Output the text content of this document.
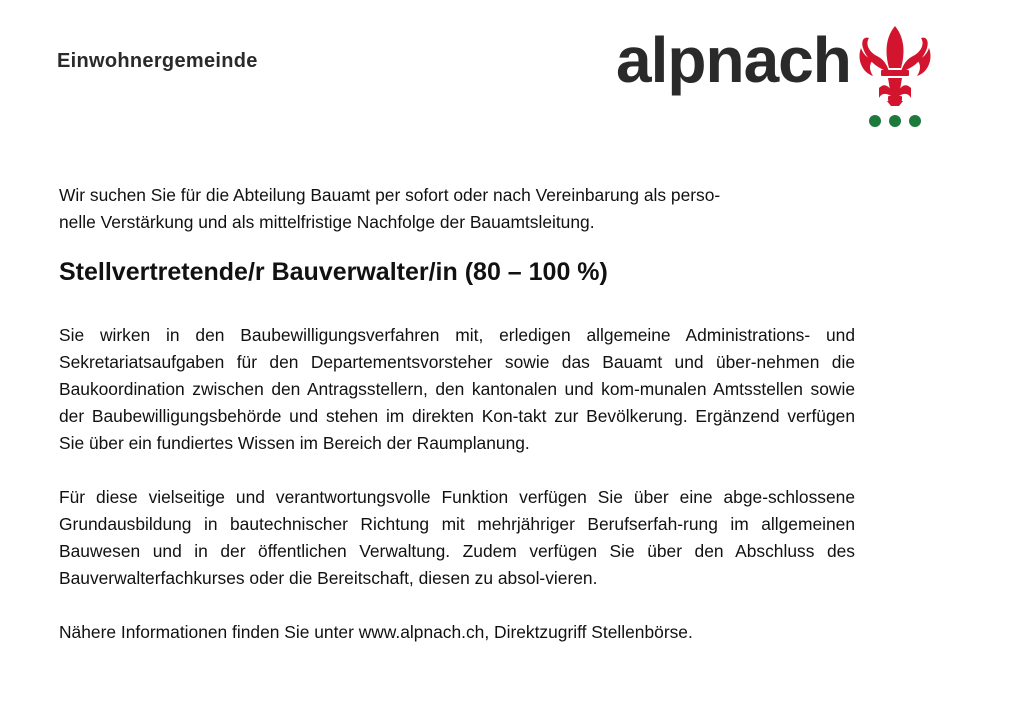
Einwohnergemeinde	alpnach

Wir suchen Sie für die Abteilung Bauamt per sofort oder nach Vereinbarung als perso-
nelle Verstärkung und als mittelfristige Nachfolge der Bauamtsleitung.

Stellvertretende/r Bauverwalter/in (80 – 100 %)

Sie wirken in den Baubewilligungsverfahren mit, erledigen allgemeine Administrations- und Sekretariatsaufgaben für den Departementsvorsteher sowie das Bauamt und über-nehmen die Baukoordination zwischen den Antragsstellern, den kantonalen und kom-munalen Amtsstellen sowie der Baubewilligungsbehörde und stehen im direkten Kon-takt zur Bevölkerung. Ergänzend verfügen Sie über ein fundiertes Wissen im Bereich der Raumplanung.

Für diese vielseitige und verantwortungsvolle Funktion verfügen Sie über eine abge-schlossene Grundausbildung in bautechnischer Richtung mit mehrjähriger Berufserfah-rung im allgemeinen Bauwesen und in der öffentlichen Verwaltung. Zudem verfügen Sie über den Abschluss des Bauverwalterfachkurses oder die Bereitschaft, diesen zu absol-vieren.

Nähere Informationen finden Sie unter www.alpnach.ch, Direktzugriff Stellenbörse.
